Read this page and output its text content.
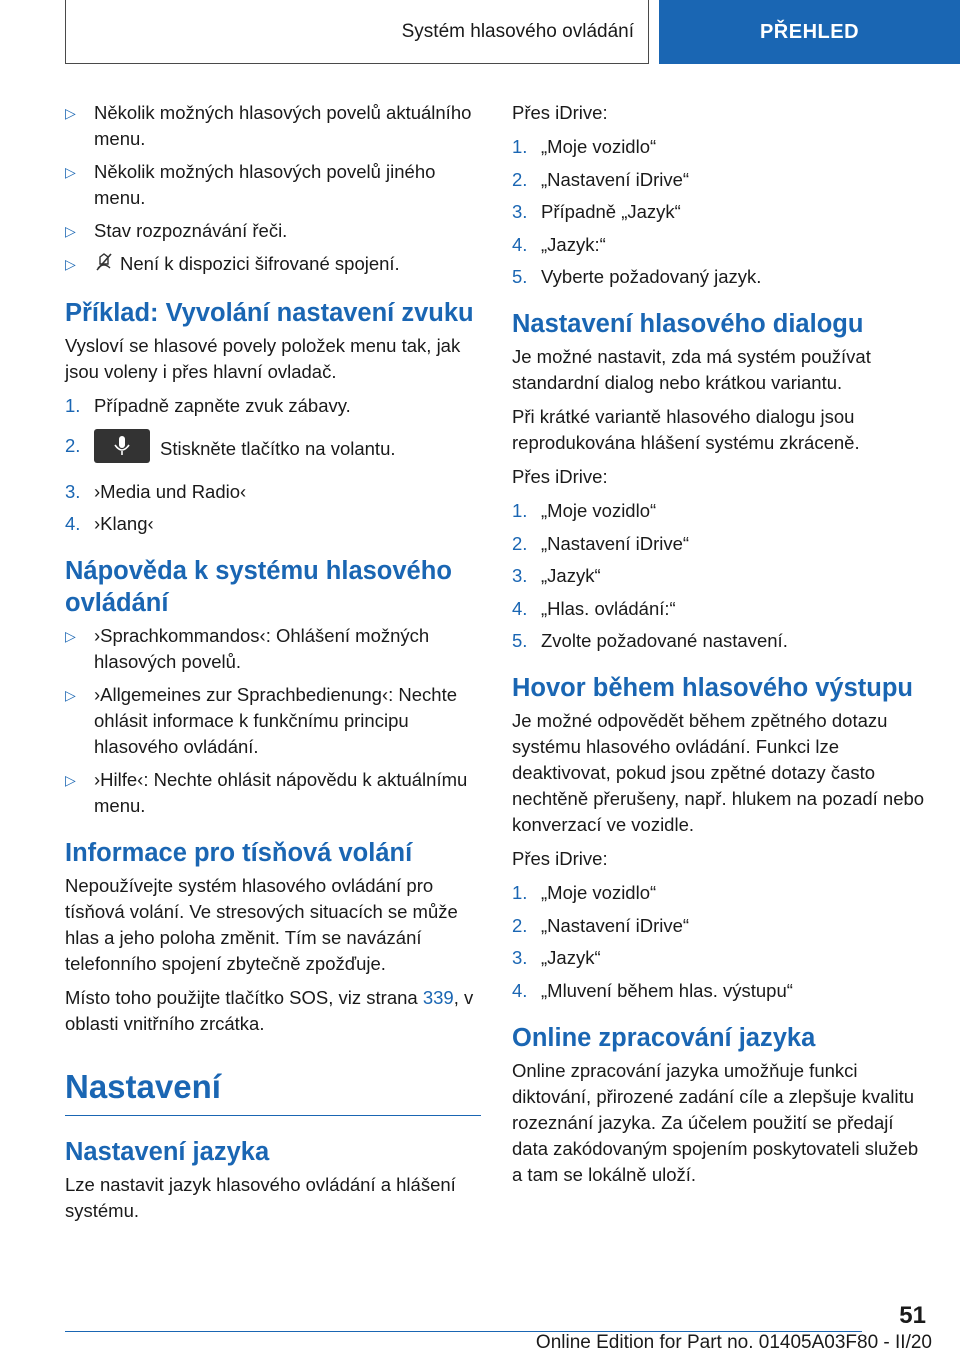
Systém hlasového ovládání	PŘEHLED
▷ Několik možných hlasových povelů aktuálního menu.
▷ Několik možných hlasových povelů jiného menu.
▷ Stav rozpoznávání řeči.
▷ Není k dispozici šifrované spojení.
Příklad: Vyvolání nastavení zvuku

Vysloví se hlasové povely položek menu tak, jak jsou voleny i přes hlavní ovladač.

1. Případně zapněte zvuk zábavy.
2.	Stiskněte tlačítko na volantu.
3. ›Media und Radio‹
4. ›Klang‹
Nápověda k systému hlasového ovládání
▷ ›Sprachkommandos‹: Ohlášení možných hlasových povelů.
▷ ›Allgemeines zur Sprachbedienung‹: Nechte ohlásit informace k funkčnímu principu hlasového ovládání.
▷ ›Hilfe‹: Nechte ohlásit nápovědu k aktuálnímu menu.
Informace pro tísňová volání

Nepoužívejte systém hlasového ovládání pro tísňová volání. Ve stresových situacích se může hlas a jeho poloha změnit. Tím se navázání telefonního spojení zbytečně zpožďuje.

Místo toho použijte tlačítko SOS, viz strana 339, v oblasti vnitřního zrcátka.

Nastavení
Nastavení jazyka

Lze nastavit jazyk hlasového ovládání a hlášení systému.

Přes iDrive:

1. „Moje vozidlo“
2. „Nastavení iDrive“
3. Případně „Jazyk“
4. „Jazyk:“
5. Vyberte požadovaný jazyk.
Nastavení hlasového dialogu

Je možné nastavit, zda má systém používat standardní dialog nebo krátkou variantu.

Při krátké variantě hlasového dialogu jsou reprodukována hlášení systému zkráceně.

Přes iDrive:

1. „Moje vozidlo“
2. „Nastavení iDrive“
3. „Jazyk“
4. „Hlas. ovládání:“
5. Zvolte požadované nastavení.
Hovor během hlasového výstupu

Je možné odpovědět během zpětného dotazu systému hlasového ovládání. Funkci lze deaktivovat, pokud jsou zpětné dotazy často nechtěně přerušeny, např. hlukem na pozadí nebo konverzací ve vozidle.

Přes iDrive:

1. „Moje vozidlo“
2. „Nastavení iDrive“
3. „Jazyk“
4. „Mluvení během hlas. výstupu“
Online zpracování jazyka

Online zpracování jazyka umožňuje funkci diktování, přirozené zadání cíle a zlepšuje kvalitu rozeznání jazyka. Za účelem použití se předají data zakódovaným spojením poskytovateli služeb a tam se lokálně uloží.

51
Online Edition for Part no. 01405A03F80 - II/20
